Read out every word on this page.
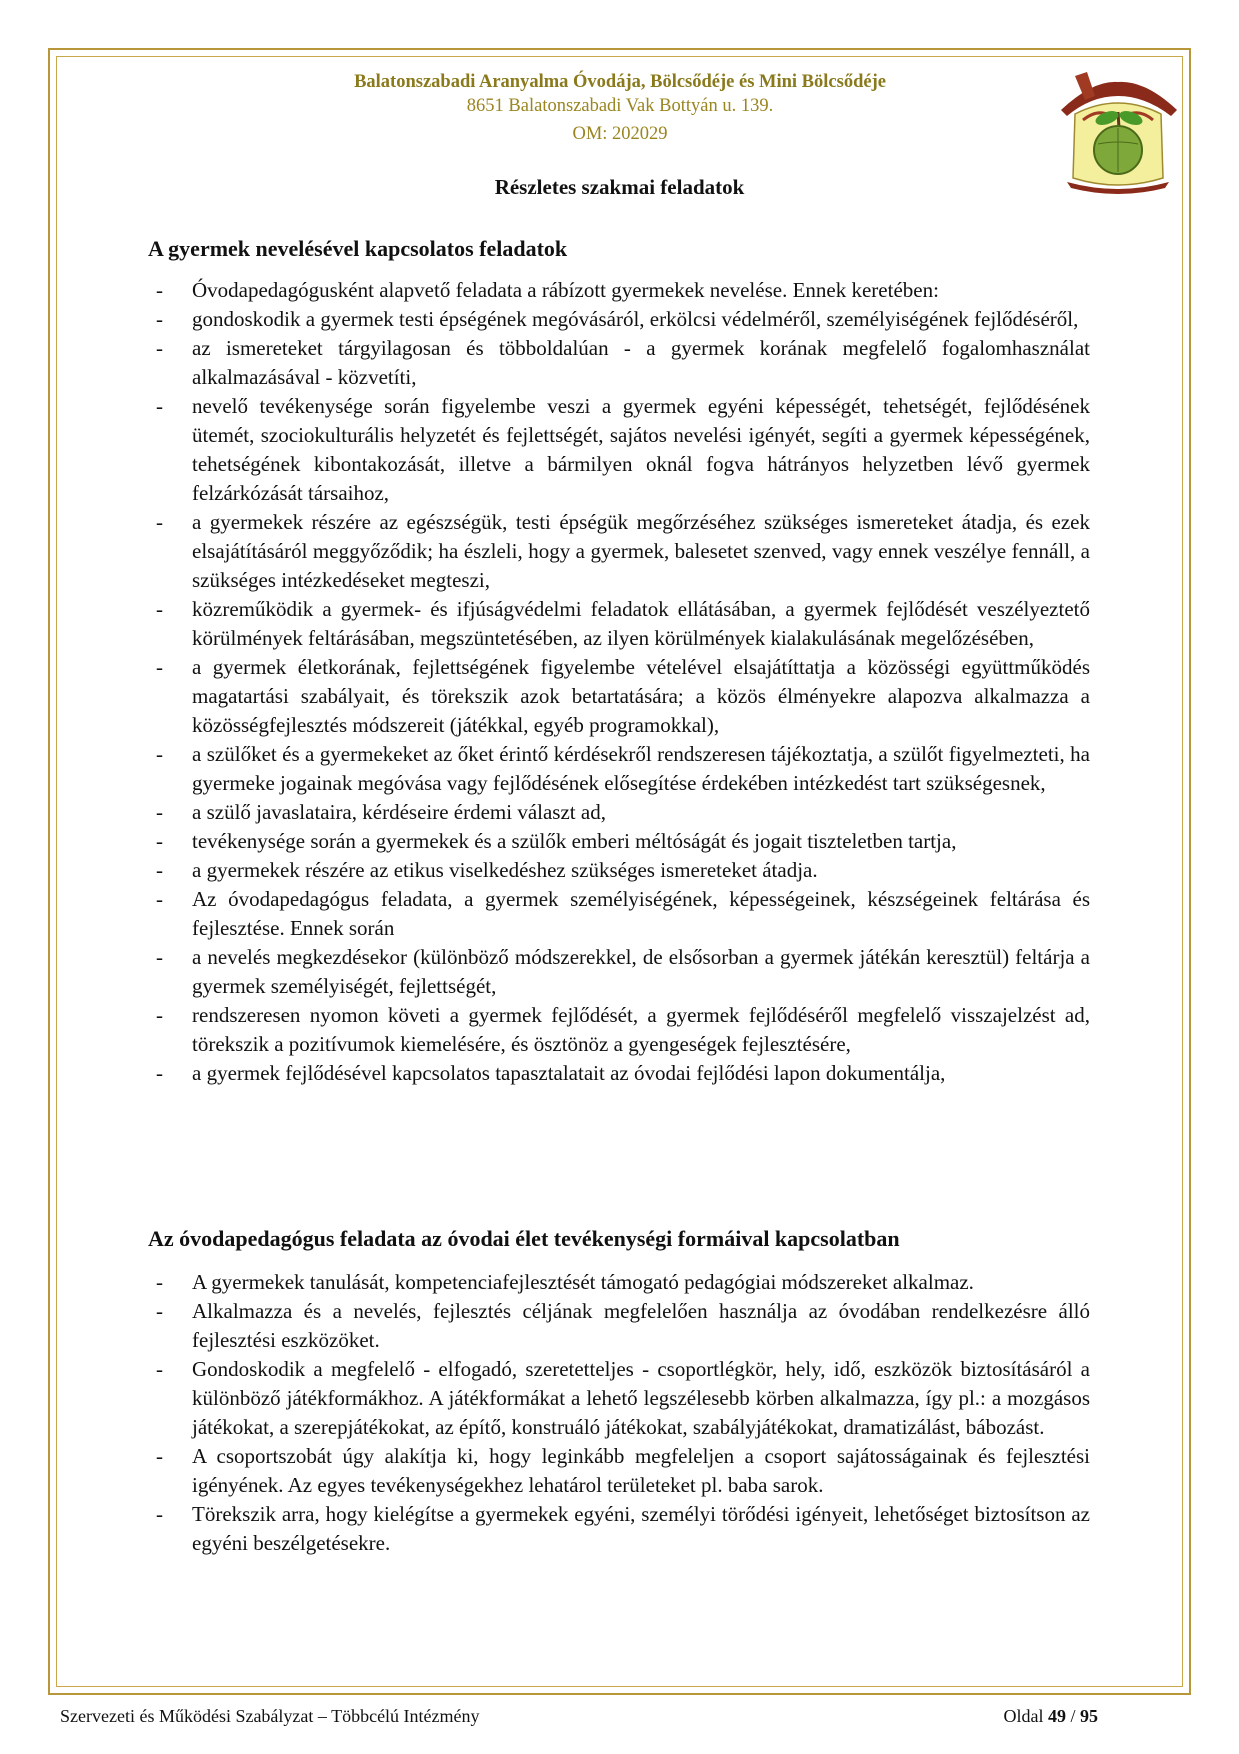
Balatonszabadi Aranyalma Óvodája, Bölcsődéje és Mini Bölcsődéje
8651 Balatonszabadi Vak Bottyán u. 139.
OM: 202029
Részletes szakmai feladatok
A gyermek nevelésével kapcsolatos feladatok
- Óvodapedagógusként alapvető feladata a rábízott gyermekek nevelése. Ennek keretében:
- gondoskodik a gyermek testi épségének megóvásáról, erkölcsi védelméről, személyiségének fejlődéséről,
- az ismereteket tárgyilagosan és többoldalúan - a gyermek korának megfelelő fogalomhasználat alkalmazásával - közvetíti,
- nevelő tevékenysége során figyelembe veszi a gyermek egyéni képességét, tehetségét, fejlődésének ütemét, szociokulturális helyzetét és fejlettségét, sajátos nevelési igényét, segíti a gyermek képességének, tehetségének kibontakozását, illetve a bármilyen oknál fogva hátrányos helyzetben lévő gyermek felzárkózását társaihoz,
- a gyermekek részére az egészségük, testi épségük megőrzéséhez szükséges ismereteket átadja, és ezek elsajátításáról meggyőződik; ha észleli, hogy a gyermek, balesetet szenved, vagy ennek veszélye fennáll, a szükséges intézkedéseket megteszi,
- közreműködik a gyermek- és ifjúságvédelmi feladatok ellátásában, a gyermek fejlődését veszélyeztető körülmények feltárásában, megszüntetésében, az ilyen körülmények kialakulásának megelőzésében,
- a gyermek életkorának, fejlettségének figyelembe vételével elsajátíttatja a közösségi együttműködés magatartási szabályait, és törekszik azok betartatására; a közös élményekre alapozva alkalmazza a közösségfejlesztés módszereit (játékkal, egyéb programokkal),
- a szülőket és a gyermekeket az őket érintő kérdésekről rendszeresen tájékoztatja, a szülőt figyelmezteti, ha gyermeke jogainak megóvása vagy fejlődésének elősegítése érdekében intézkedést tart szükségesnek,
- a szülő javaslataira, kérdéseire érdemi választ ad,
- tevékenysége során a gyermekek és a szülők emberi méltóságát és jogait tiszteletben tartja,
- a gyermekek részére az etikus viselkedéshez szükséges ismereteket átadja.
- Az óvodapedagógus feladata, a gyermek személyiségének, képességeinek, készségeinek feltárása és fejlesztése. Ennek során
- a nevelés megkezdésekor (különböző módszerekkel, de elsősorban a gyermek játékán keresztül) feltárja a gyermek személyiségét, fejlettségét,
- rendszeresen nyomon követi a gyermek fejlődését, a gyermek fejlődéséről megfelelő visszajelzést ad, törekszik a pozitívumok kiemelésére, és ösztönöz a gyengeségek fejlesztésére,
- a gyermek fejlődésével kapcsolatos tapasztalatait az óvodai fejlődési lapon dokumentálja,
Az óvodapedagógus feladata az óvodai élet tevékenységi formáival kapcsolatban
- A gyermekek tanulását, kompetenciafejlesztését támogató pedagógiai módszereket alkalmaz.
- Alkalmazza és a nevelés, fejlesztés céljának megfelelően használja az óvodában rendelkezésre álló fejlesztési eszközöket.
- Gondoskodik a megfelelő - elfogadó, szeretetteljes - csoportlégkör, hely, idő, eszközök biztosításáról a különböző játékformákhoz. A játékformákat a lehető legszélesebb körben alkalmazza, így pl.: a mozgásos játékokat, a szerepjátékokat, az építő, konstruáló játékokat, szabályjátékokat, dramatizálást, bábozást.
- A csoportszobát úgy alakítja ki, hogy leginkább megfeleljen a csoport sajátosságainak és fejlesztési igényének. Az egyes tevékenységekhez lehatárol területeket pl. baba sarok.
- Törekszik arra, hogy kielégítse a gyermekek egyéni, személyi törődési igényeit, lehetőséget biztosítson az egyéni beszélgetésekre.
Szervezeti és Működési Szabályzat – Többcélú Intézmény	Oldal 49 / 95
